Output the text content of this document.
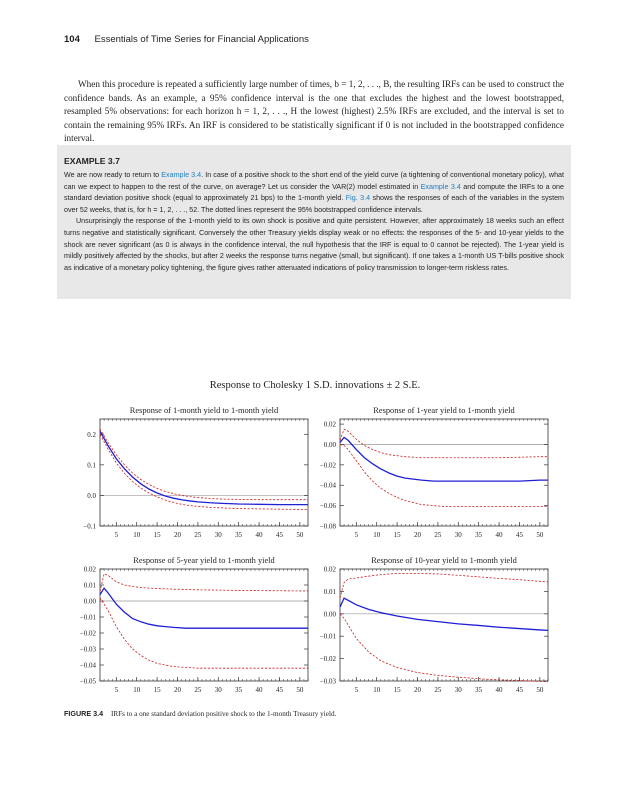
104 Essentials of Time Series for Financial Applications
When this procedure is repeated a sufficiently large number of times, b = 1, 2, . . ., B, the resulting IRFs can be used to construct the confidence bands. As an example, a 95% confidence interval is the one that excludes the highest and the lowest bootstrapped, resampled 5% observations: for each horizon h = 1, 2, . . ., H the lowest (highest) 2.5% IRFs are excluded, and the interval is set to contain the remaining 95% IRFs. An IRF is considered to be statistically significant if 0 is not included in the bootstrapped confidence interval.
EXAMPLE 3.7

We are now ready to return to Example 3.4. In case of a positive shock to the short end of the yield curve (a tightening of conventional monetary policy), what can we expect to happen to the rest of the curve, on average? Let us consider the VAR(2) model estimated in Example 3.4 and compute the IRFs to a one standard deviation positive shock (equal to approximately 21 bps) to the 1-month yield. Fig. 3.4 shows the responses of each of the variables in the system over 52 weeks, that is, for h = 1, 2, . . ., 52. The dotted lines represent the 95% bootstrapped confidence intervals.

Unsurprisingly the response of the 1-month yield to its own shock is positive and quite persistent. However, after approximately 18 weeks such an effect turns negative and statistically significant. Conversely the other Treasury yields display weak or no effects: the responses of the 5- and 10-year yields to the shock are never significant (as 0 is always in the confidence interval, the null hypothesis that the IRF is equal to 0 cannot be rejected). The 1-year yield is mildly positively affected by the shocks, but after 2 weeks the response turns negative (small, but significant). If one takes a 1-month US T-bills positive shock as indicative of a monetary policy tightening, the figure gives rather attenuated indications of policy transmission to longer-term riskless rates.

Response to Cholesky 1 S.D. innovations ± 2 S.E.
Response of 1-month yield to 1-month yield
−0.1
0.0
0.1
0.2
5 10 15 20 25 30 35 40 45 50
Response of 1-year yield to 1-month yield
−0.08
−0.06
−0.04
−0.02
0.00
0.02
5 10 15 20 25 30 35 40 45 50
Response of 5-year yield to 1-month yield
−0.05
−0.04
−0.03
−0.02
−0.01
0.00
0.01
0.02
5 10 15 20 25 30 35 40 45 50
Response of 10-year yield to 1-month yield
−0.03
−0.02
−0.01
0.00
0.01
0.02
5 10 15 20 25 30 35 40 45 50
FIGURE 3.4 IRFs to a one standard deviation positive shock to the 1-month Treasury yield.
